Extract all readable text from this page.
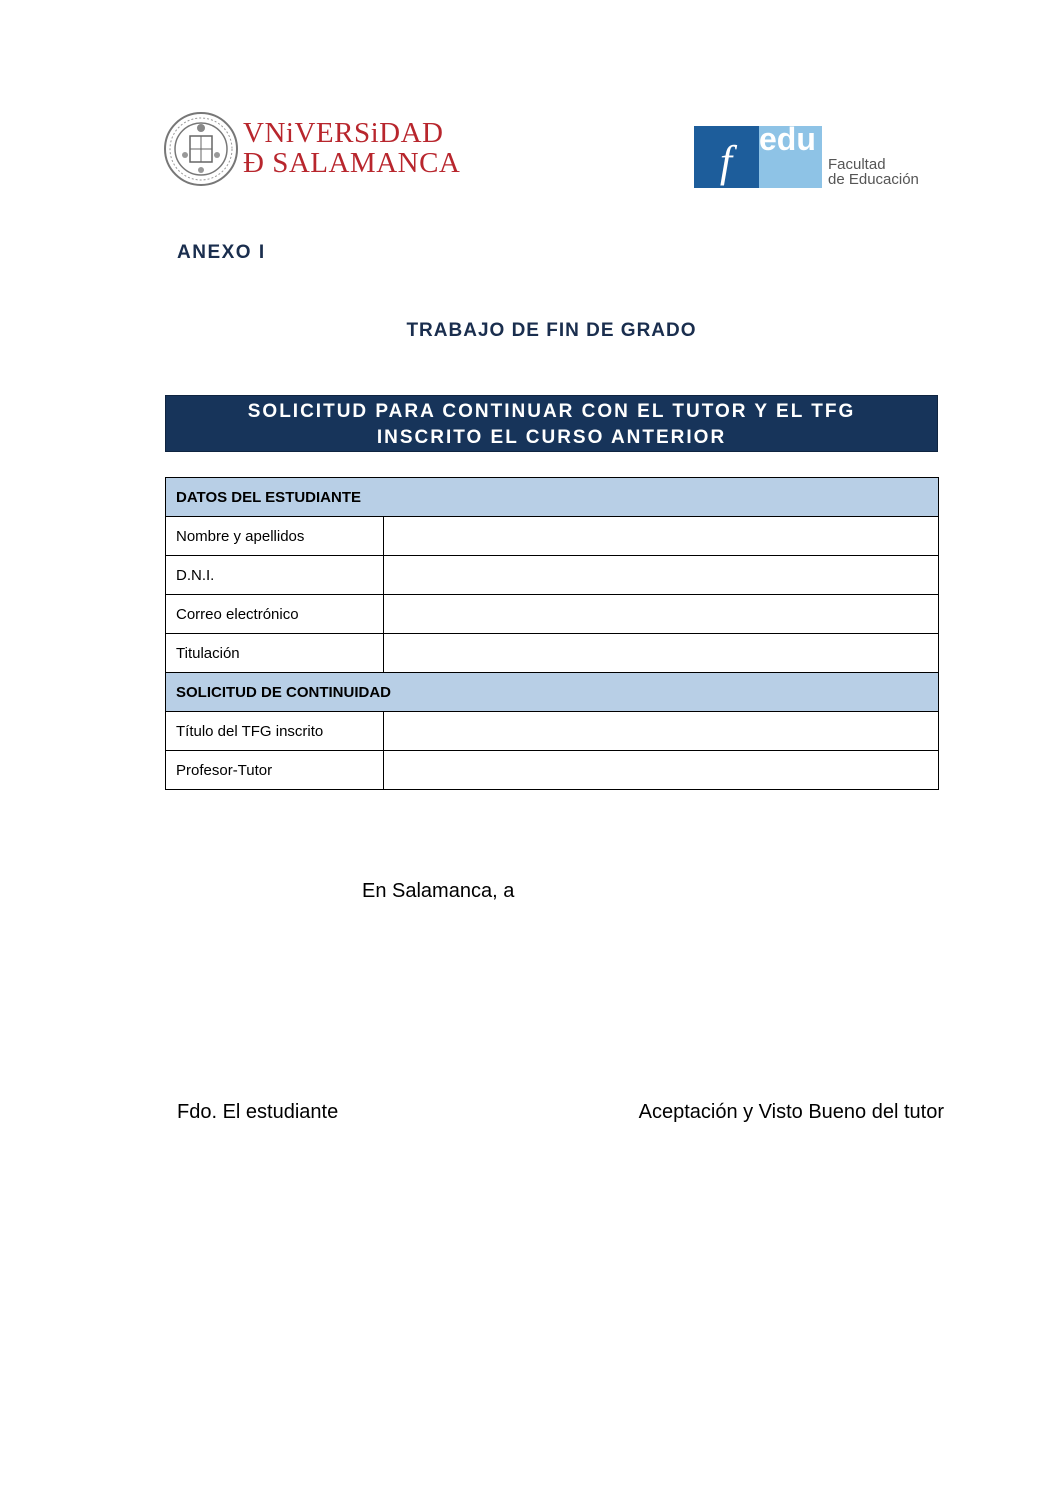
VNiVERSiDAD
Ð SALAMANCA	f edu
Facultad
de Educación

ANEXO I

TRABAJO DE FIN DE GRADO

SOLICITUD PARA CONTINUAR CON EL TUTOR Y EL TFG
INSCRITO EL CURSO ANTERIOR
DATOS DEL ESTUDIANTE	
Nombre y apellidos	
D.N.I.	
Correo electrónico	
Titulación	
SOLICITUD DE CONTINUIDAD	
Título del TFG inscrito	
Profesor-Tutor	

En Salamanca, a

Fdo. El estudiante	Aceptación y Visto Bueno del tutor
